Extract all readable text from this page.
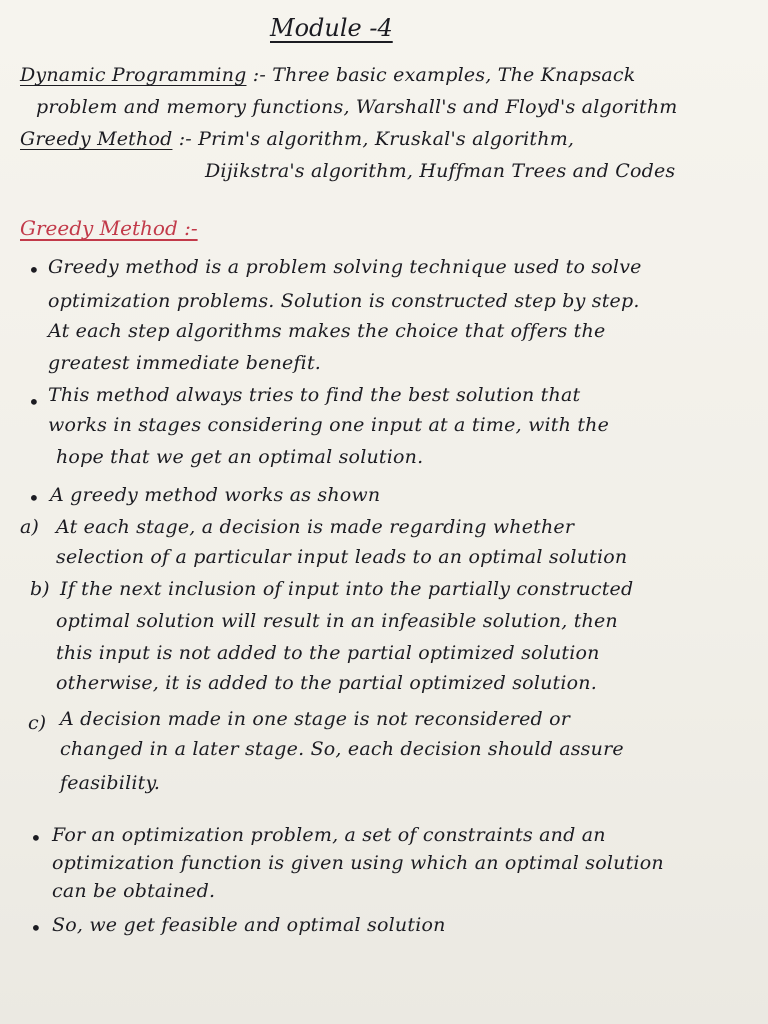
Module -4
Dynamic Programming :- Three basic examples, The Knapsack
problem and memory functions, Warshall's and Floyd's algorithm
Greedy Method :- Prim's algorithm, Kruskal's algorithm,
Dijikstra's algorithm, Huffman Trees and Codes
Greedy Method :-
• Greedy method is a problem solving technique used to solve
optimization problems. Solution is constructed step by step.
At each step algorithms makes the choice that offers the
greatest immediate benefit.
• This method always tries to find the best solution that
works in stages considering one input at a time, with the
hope that we get an optimal solution.
• A greedy method works as shown
a) At each stage, a decision is made regarding whether
selection of a particular input leads to an optimal solution
b) If the next inclusion of input into the partially constructed
optimal solution will result in an infeasible solution, then
this input is not added to the partial optimized solution
otherwise, it is added to the partial optimized solution.
c) A decision made in one stage is not reconsidered or
changed in a later stage. So, each decision should assure
feasibility.
• For an optimization problem, a set of constraints and an
optimization function is given using which an optimal solution
can be obtained.
• So, we get feasible and optimal solution
